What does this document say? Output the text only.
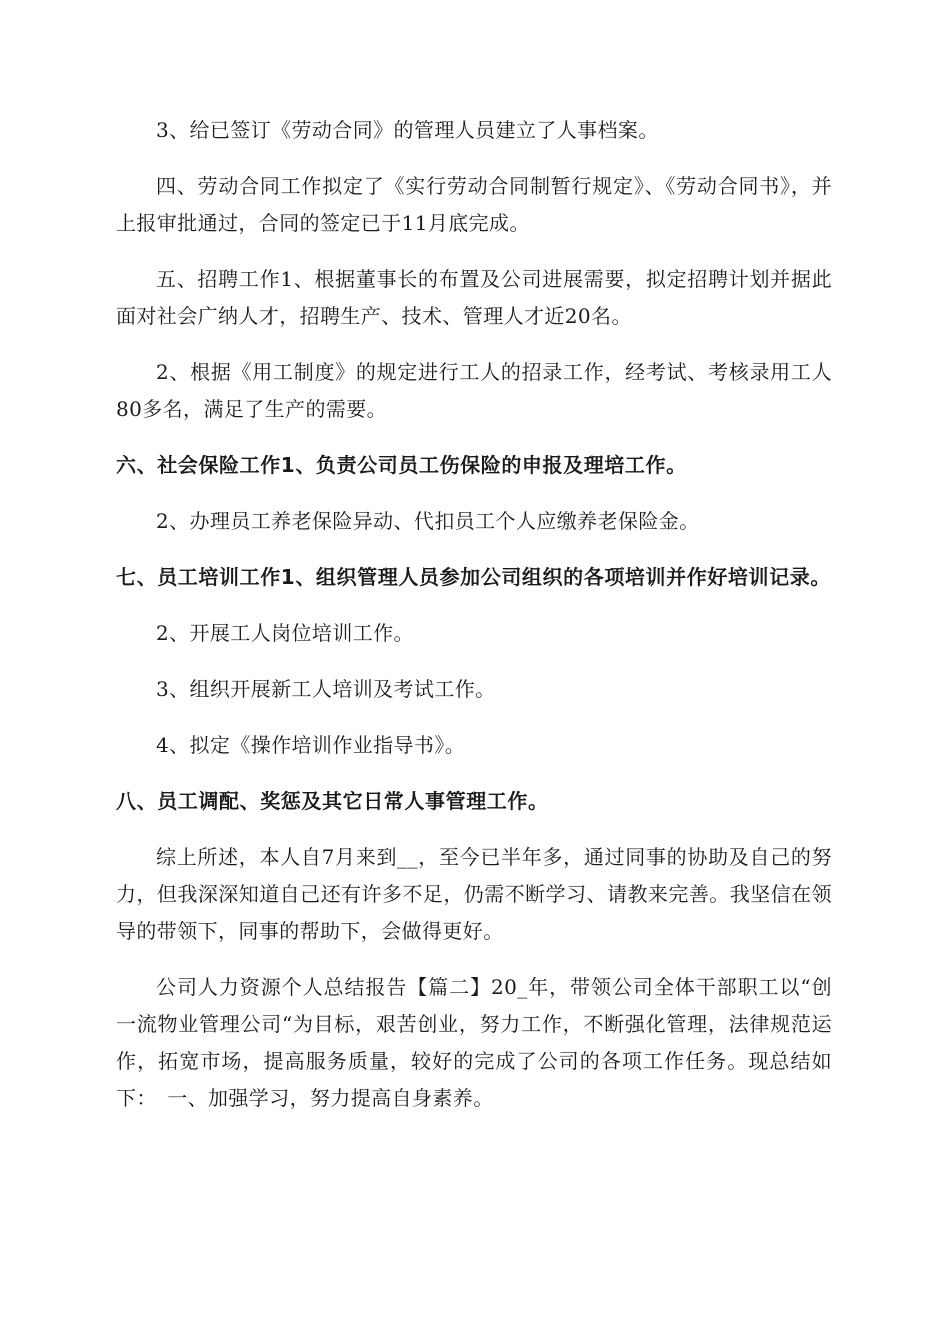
3、给已签订《劳动合同》的管理人员建立了人事档案。

四、劳动合同工作拟定了《实行劳动合同制暂行规定》、《劳动合同书》，并上报审批通过，合同的签定已于11月底完成。

五、招聘工作1、根据董事长的布置及公司进展需要，拟定招聘计划并据此面对社会广纳人才，招聘生产、技术、管理人才近20名。

2、根据《用工制度》的规定进行工人的招录工作，经考试、考核录用工人80多名，满足了生产的需要。

六、社会保险工作1、负责公司员工伤保险的申报及理培工作。

2、办理员工养老保险异动、代扣员工个人应缴养老保险金。

七、员工培训工作1、组织管理人员参加公司组织的各项培训并作好培训记录。

2、开展工人岗位培训工作。

3、组织开展新工人培训及考试工作。

4、拟定《操作培训作业指导书》。

八、员工调配、奖惩及其它日常人事管理工作。

综上所述，本人自7月来到__，至今已半年多，通过同事的协助及自己的努力，但我深深知道自己还有许多不足，仍需不断学习、请教来完善。我坚信在领导的带领下，同事的帮助下，会做得更好。

公司人力资源个人总结报告【篇二】20_年，带领公司全体干部职工以“创一流物业管理公司“为目标，艰苦创业，努力工作，不断强化管理，法律规范运作，拓宽市场，提高服务质量，较好的完成了公司的各项工作任务。现总结如下：　一、加强学习，努力提高自身素养。
